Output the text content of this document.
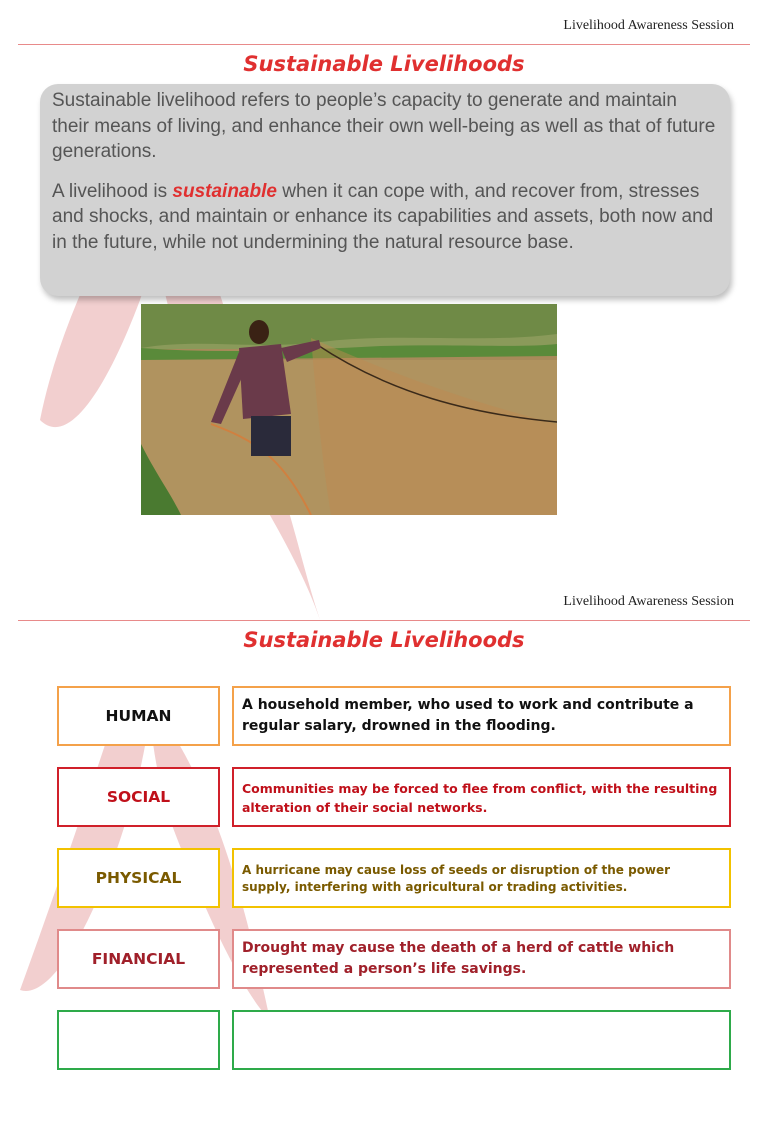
Livelihood Awareness Session
Sustainable Livelihoods

Sustainable livelihood refers to people’s capacity to generate and maintain their means of living, and enhance their own well-being as well as that of future generations.

A livelihood is sustainable when it can cope with, and recover from, stresses and shocks, and maintain or enhance its capabilities and assets, both now and in the future, while not undermining the natural resource base.

Livelihood Awareness Session
Sustainable Livelihoods
HUMAN
A household member, who used to work and contribute a regular salary, drowned in the flooding.
SOCIAL	Communities may be forced to flee from conflict, with the resulting alteration of their social networks.
PHYSICAL	A hurricane may cause loss of seeds or disruption of the power supply, interfering with agricultural or trading activities.
FINANCIAL
Drought may cause the death of a herd of cattle which represented a person’s life savings.
